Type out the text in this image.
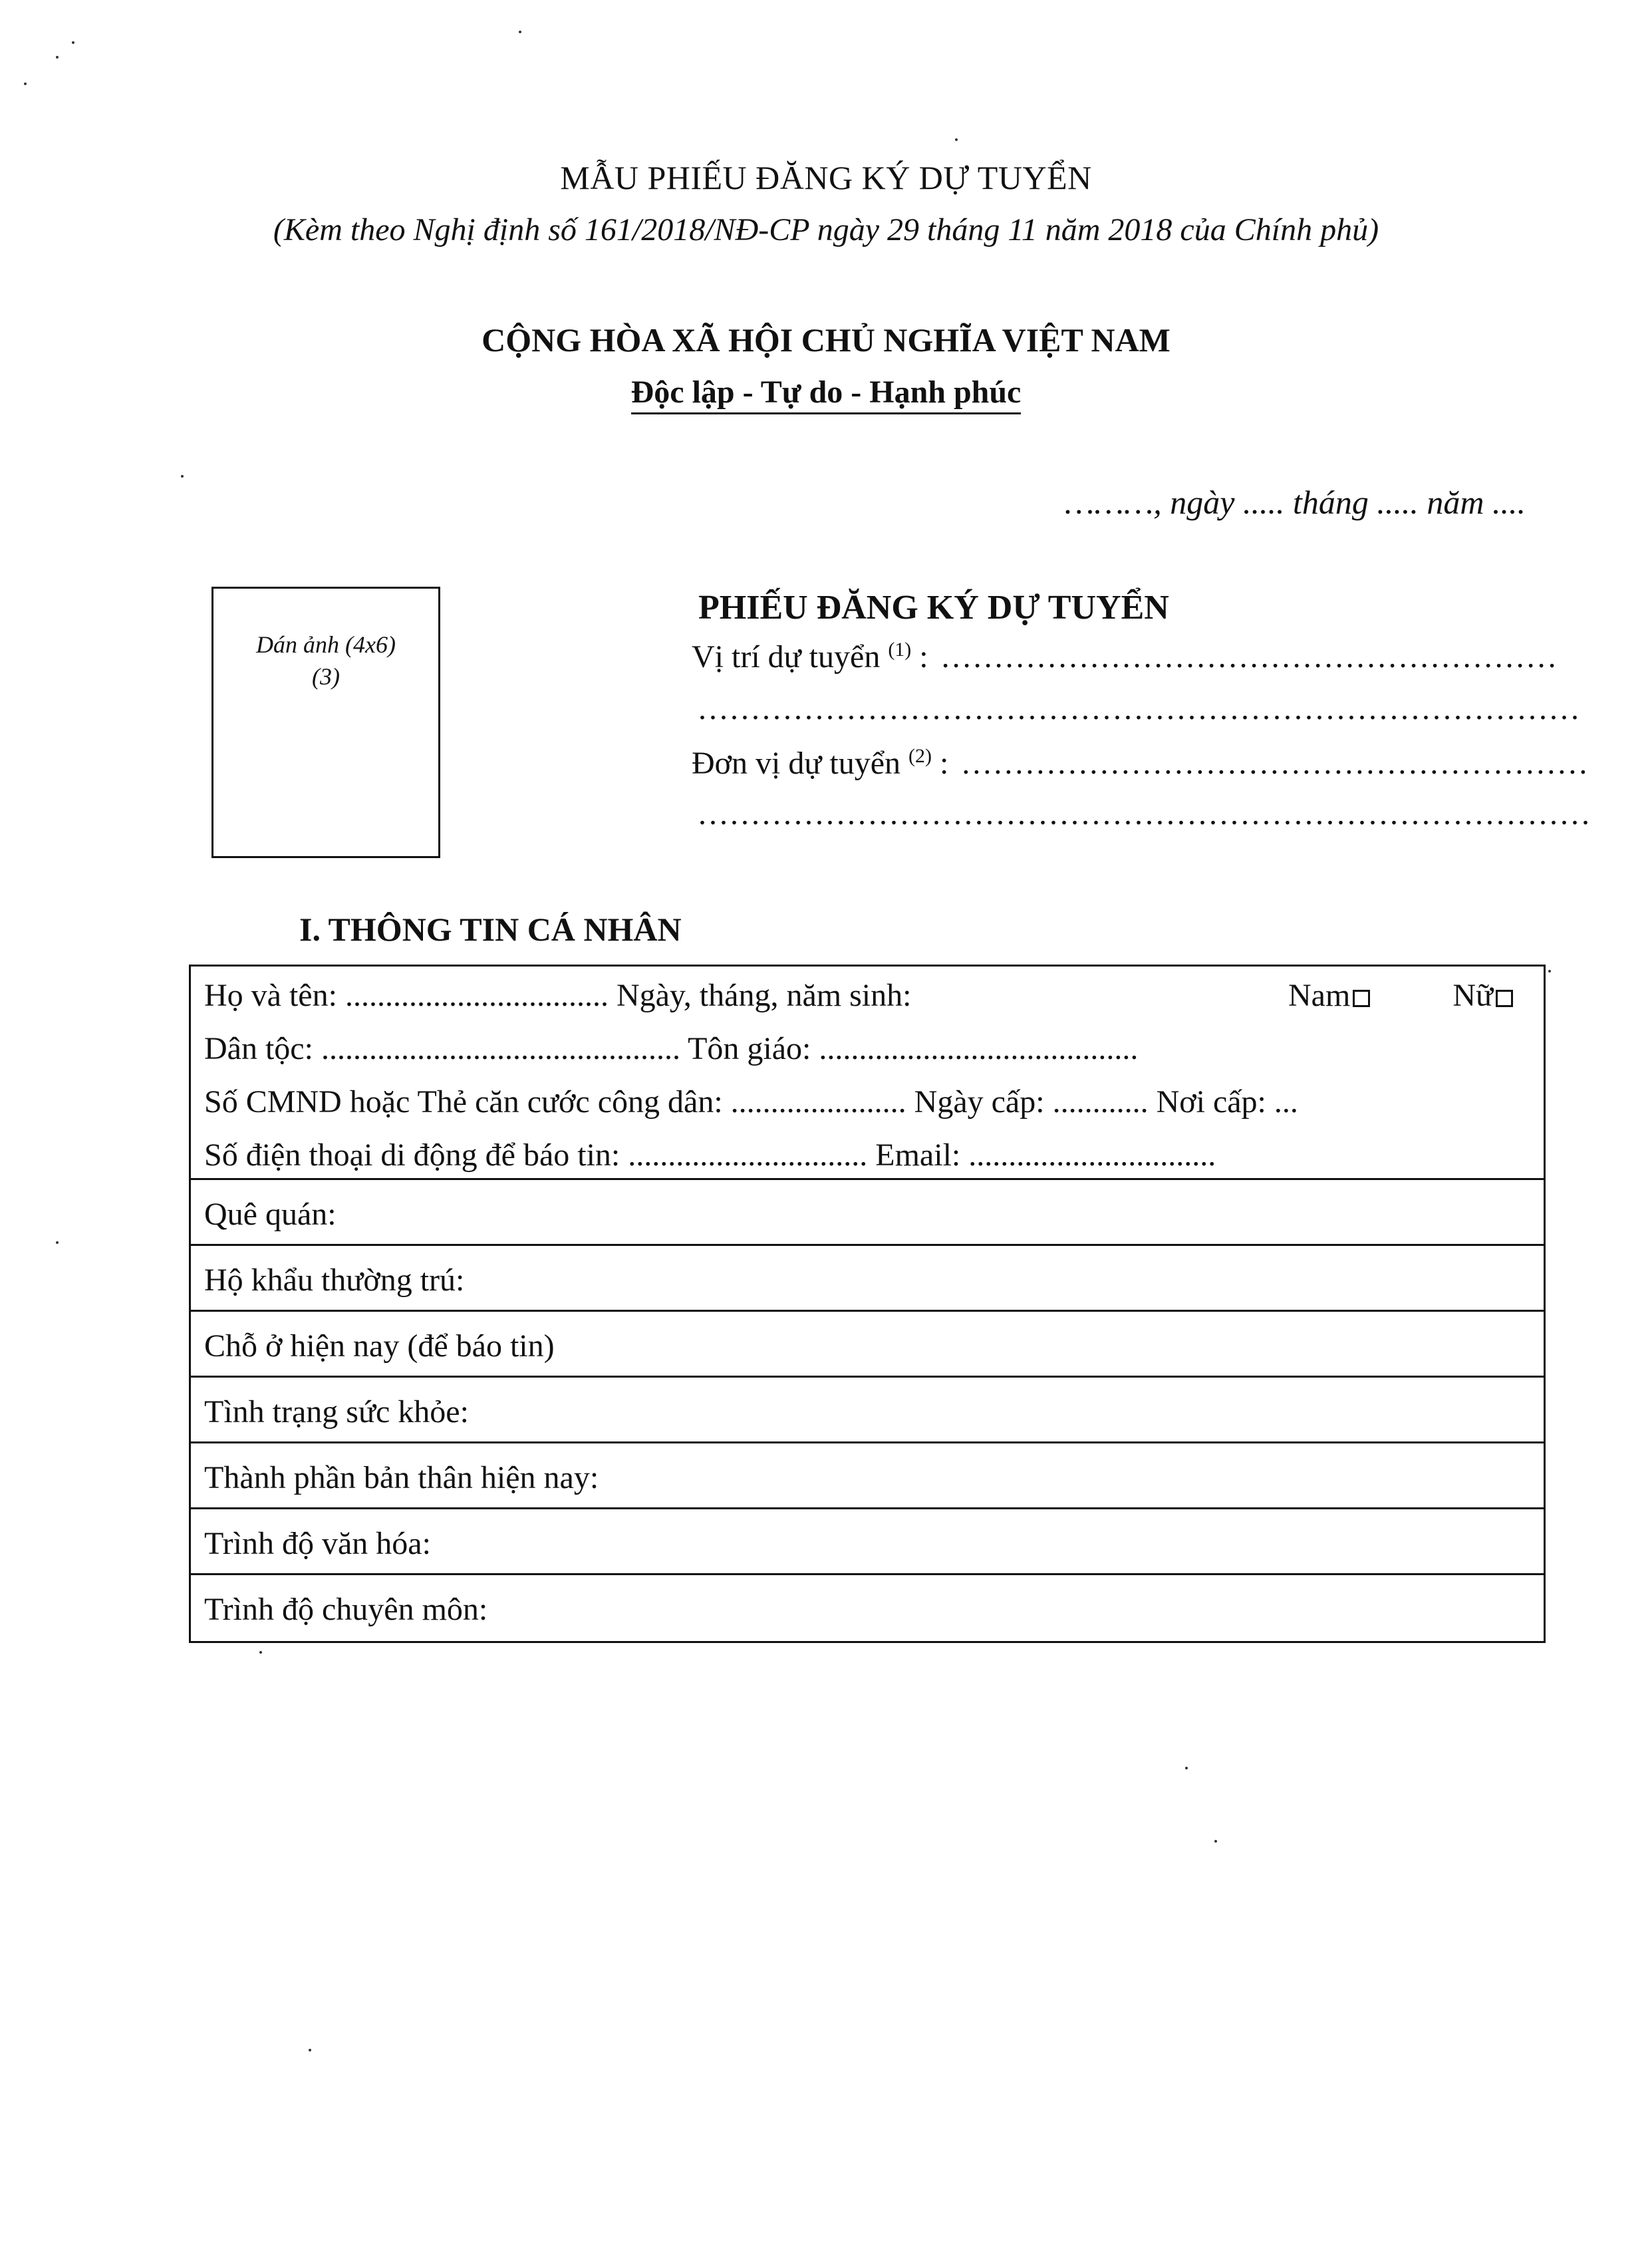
MẪU PHIẾU ĐĂNG KÝ DỰ TUYỂN
(Kèm theo Nghị định số 161/2018/NĐ-CP ngày 29 tháng 11 năm 2018 của Chính phủ)
CỘNG HÒA XÃ HỘI CHỦ NGHĨA VIỆT NAM
Độc lập - Tự do - Hạnh phúc
………, ngày ..... tháng ..... năm ....
Dán ảnh (4x6)
(3)
PHIẾU ĐĂNG KÝ DỰ TUYỂN
Vị trí dự tuyển $^{(1)}$ : ..........................................................
...................................................................................
Đơn vị dự tuyển $^{(2)}$ : ...........................................................
....................................................................................
I. THÔNG TIN CÁ NHÂN
Họ và tên: ................................. Ngày, tháng, năm sinh:	Nam	Nữ
Dân tộc: ............................................. Tôn giáo: ........................................
Số CMND hoặc Thẻ căn cước công dân: ...................... Ngày cấp: ............ Nơi cấp: ...
Số điện thoại di động để báo tin: .............................. Email: ...............................
Quê quán:
Hộ khẩu thường trú:
Chỗ ở hiện nay (để báo tin)
Tình trạng sức khỏe:
Thành phần bản thân hiện nay:
Trình độ văn hóa:
Trình độ chuyên môn:
